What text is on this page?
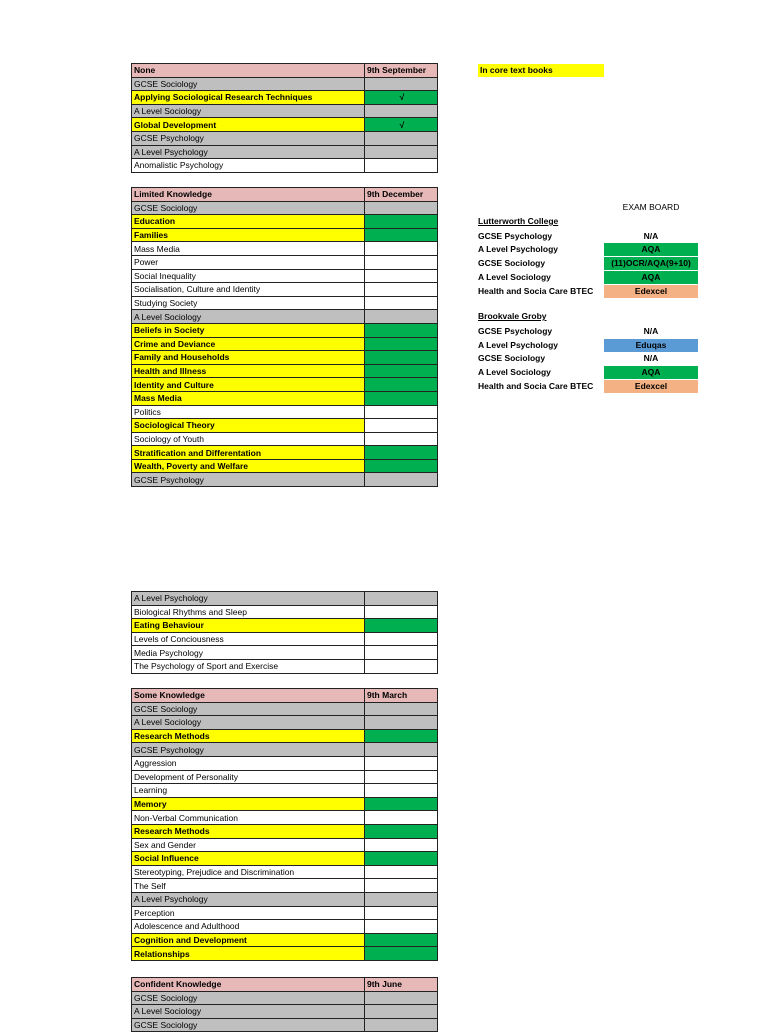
None	9th September
GCSE Sociology	
Applying Sociological Research Techniques	√
A Level Sociology	
Global Development	√
GCSE Psychology	
A Level Psychology	
Anomalistic Psychology	
Limited Knowledge	9th December
GCSE Sociology	
Education	
Families	
Mass Media	
Power	
Social Inequality	
Socialisation, Culture and Identity	
Studying Society	
A Level Sociology	
Beliefs in Society	
Crime and Deviance	
Family and Households	
Health and Illness	
Identity and Culture	
Mass Media	
Politics	
Sociological Theory	
Sociology of Youth	
Stratification and Differentation	
Wealth, Poverty and Welfare	
GCSE Psychology	
A Level Psychology	
Biological Rhythms and Sleep	
Eating Behaviour	
Levels of Conciousness	
Media Psychology	
The Psychology of Sport and Exercise	
Some Knowledge	9th March
GCSE Sociology	
A Level Sociology	
Research Methods	
GCSE Psychology	
Aggression	
Development of Personality	
Learning	
Memory	
Non-Verbal Communication	
Research Methods	
Sex and Gender	
Social Influence	
Stereotyping, Prejudice and Discrimination	
The Self	
A Level Psychology	
Perception	
Adolescence and Adulthood	
Cognition and Development	
Relationships	
Confident Knowledge	9th June
GCSE Sociology	
A Level Sociology	
GCSE Sociology	
In core text books
EXAM BOARD
Lutterworth College
GCSE Psychology	N/A
A Level Psychology	AQA
GCSE Sociology	(11)OCR/AQA(9+10)
A Level Sociology	AQA
Health and Socia Care BTEC	Edexcel
Brookvale Groby
GCSE Psychology	N/A
A Level Psychology	Eduqas
GCSE Sociology	N/A
A Level Sociology	AQA
Health and Socia Care BTEC	Edexcel
